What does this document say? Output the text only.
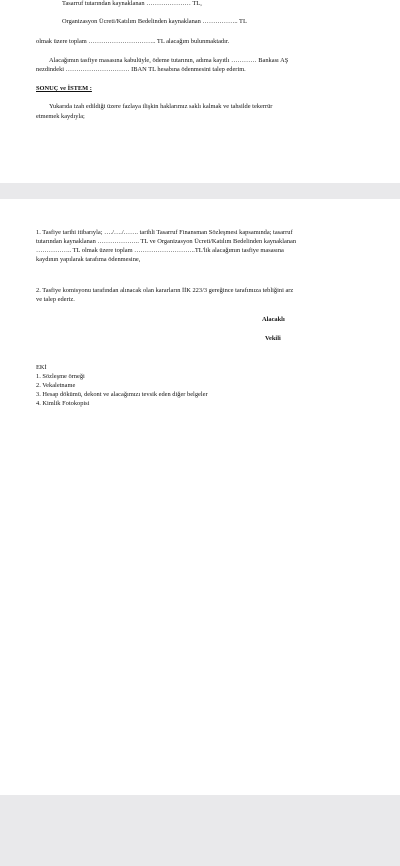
Tasarruf tutarından kaynaklanan ………………… TL,
Organizasyon Ücreti/Katılım Bedelinden kaynaklanan …………….. TL
olmak üzere toplam ………………………….. TL alacağım bulunmaktadır.
Alacağımın tasfiye masasına kabulüyle, ödeme tutarının, adıma kayıtlı ………… Bankası AŞ
nezdindeki ………………………… IBAN TL hesabına ödenmesini talep ederim.
SONUÇ ve İSTEM :
Yukarıda izah edildiği üzere fazlaya ilişkin haklarımız saklı kalmak ve tahsilde tekerrür
etmemek kaydıyla;
1. Tasfiye tarihi itibarıyla; …./…./……. tarihli Tasarruf Finansman Sözleşmesi kapsamında; tasarruf
tutarından kaynaklanan ……………….. TL ve Organizasyon Ücreti/Katılım Bedelinden kaynaklanan
…………….. TL olmak üzere toplam ………………………..TL'lik alacağımın tasfiye masasına
kaydının yapılarak tarafıma ödenmesine,
2. Tasfiye komisyonu tarafından alınacak olan kararların İİK 223/3 gereğince tarafımıza tebliğini arz
ve talep ederiz.
Alacaklı
Vekili
EKİ
1. Sözleşme örneği
2. Vekaletname
3. Hesap dökümü, dekont ve alacağımızı tevsik eden diğer belgeler
4. Kimlik Fotokopisi
